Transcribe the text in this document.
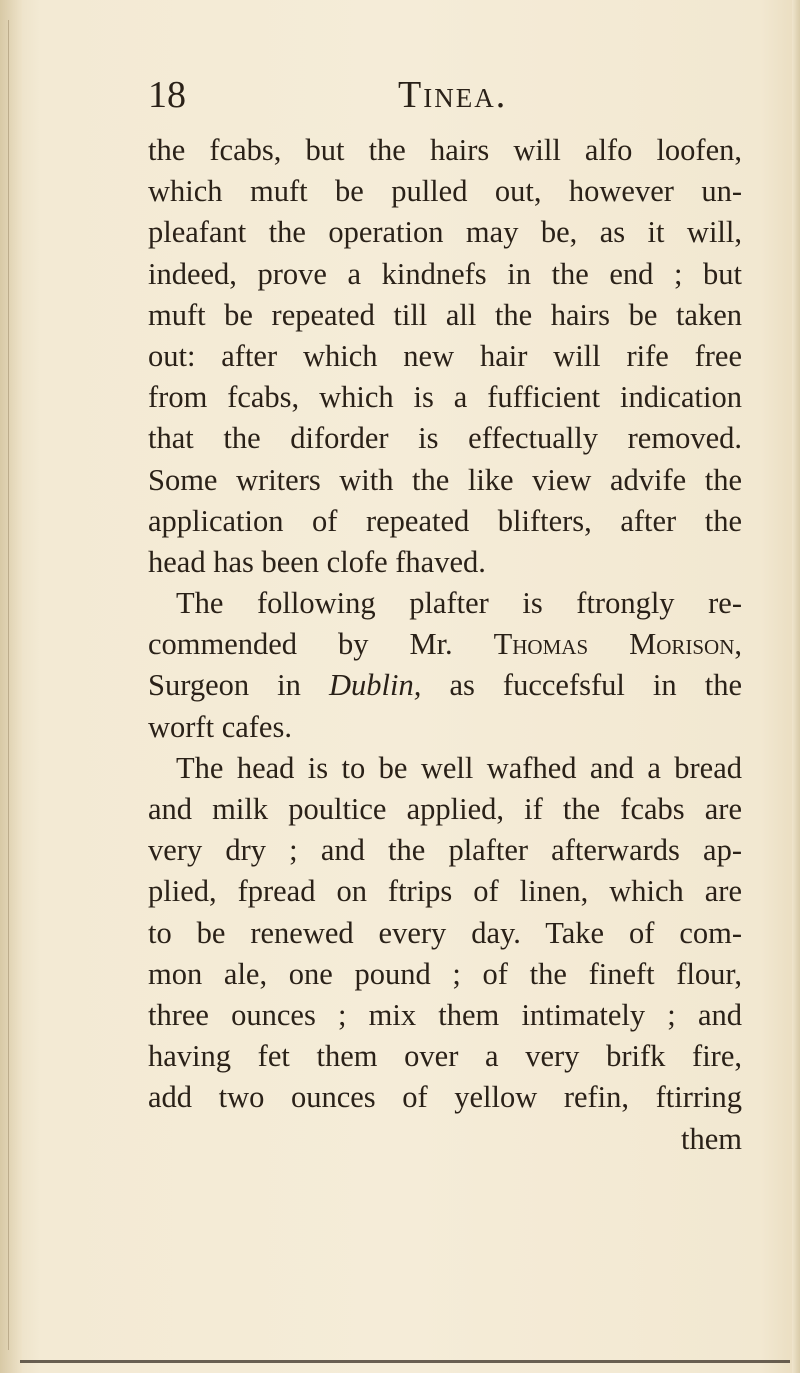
18	Tinea.
the fcabs, but the hairs will alfo loofen,
which muft be pulled out, however un-
pleafant the operation may be, as it will,
indeed, prove a kindnefs in the end ; but
muft be repeated till all the hairs be taken
out: after which new hair will rife free
from fcabs, which is a fufficient indication
that the diforder is effectually removed.
Some writers with the like view advife the
application of repeated blifters, after the
head has been clofe fhaved.
The following plafter is ftrongly re-
commended by Mr. Thomas Morison,
Surgeon in Dublin, as fuccefsful in the
worft cafes.
The head is to be well wafhed and a bread
and milk poultice applied, if the fcabs are
very dry ; and the plafter afterwards ap-
plied, fpread on ftrips of linen, which are
to be renewed every day. Take of com-
mon ale, one pound ; of the fineft flour,
three ounces ; mix them intimately ; and
having fet them over a very brifk fire,
add two ounces of yellow refin, ftirring
them
